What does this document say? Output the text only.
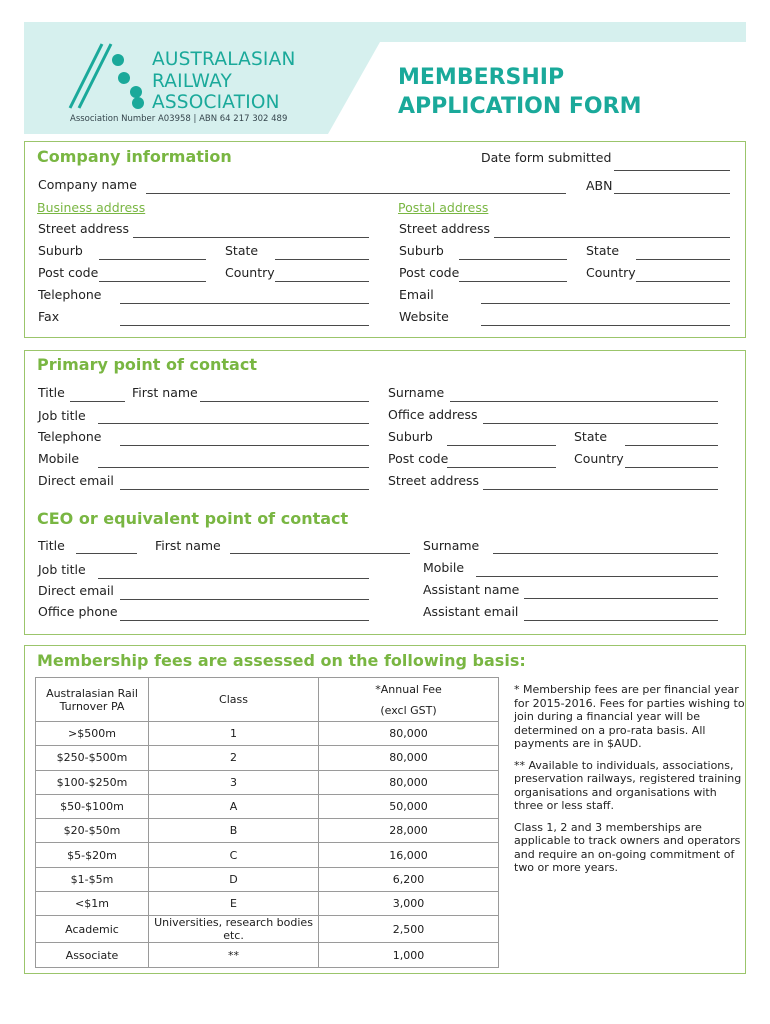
AUSTRALASIAN
RAILWAY
ASSOCIATION
Association Number A03958 | ABN 64 217 302 489
MEMBERSHIP
APPLICATION FORM
Company information	Date form submitted
Company name	ABN
Business address	Postal address
Street address	Street address
Suburb	State	Suburb	State
Post code	Country	Post code	Country
Telephone	Email
Fax	Website
Primary point of contact
Title	First name	Surname
Job title	Office address
Telephone	Suburb	State
Mobile	Post code	Country
Direct email	Street address
CEO or equivalent point of contact
Title	First name	Surname
Job title	Mobile
Direct email	Assistant name
Office phone	Assistant email
Membership fees are assessed on the following basis:
Australasian Rail Turnover PA	Class	*Annual Fee
(excl GST)

>$500m	1	80,000
$250-$500m	2	80,000
$100-$250m	3	80,000
$50-$100m	A	50,000
$20-$50m	B	28,000
$5-$20m	C	16,000
$1-$5m	D	6,200
<$1m	E	3,000
Academic	Universities, research bodies etc.	2,500
Associate	**	1,000

* Membership fees are per financial year for 2015-2016. Fees for parties wishing to join during a financial year will be determined on a pro-rata basis. All payments are in $AUD.

** Available to individuals, associations, preservation railways, registered training organisations and organisations with three or less staff.

Class 1, 2 and 3 memberships are applicable to track owners and operators and require an on-going commitment of two or more years.
